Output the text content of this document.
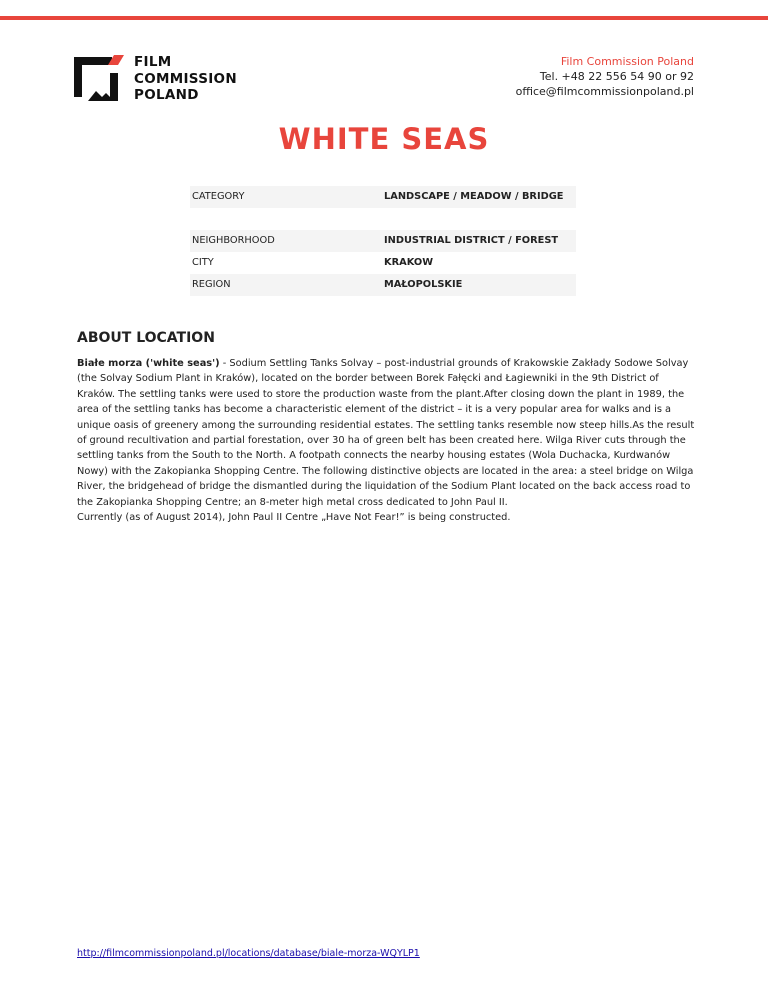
FILM
COMMISSION
POLAND
Film Commission Poland
Tel. +48 22 556 54 90 or 92
office@filmcommissionpoland.pl
WHITE SEAS
CATEGORY	LANDSCAPE / MEADOW / BRIDGE
NEIGHBORHOOD	INDUSTRIAL DISTRICT / FOREST
CITY	KRAKOW
REGION	MAŁOPOLSKIE
ABOUT LOCATION

Białe morza ('white seas') - Sodium Settling Tanks Solvay – post-industrial grounds of Krakowskie Zakłady Sodowe Solvay (the Solvay Sodium Plant in Kraków), located on the border between Borek Fałęcki and Łagiewniki in the 9th District of Kraków. The settling tanks were used to store the production waste from the plant.After closing down the plant in 1989, the area of the settling tanks has become a characteristic element of the district – it is a very popular area for walks and is a unique oasis of greenery among the surrounding residential estates. The settling tanks resemble now steep hills.As the result of ground recultivation and partial forestation, over 30 ha of green belt has been created here. Wilga River cuts through the settling tanks from the South to the North. A footpath connects the nearby housing estates (Wola Duchacka, Kurdwanów Nowy) with the Zakopianka Shopping Centre. The following distinctive objects are located in the area: a steel bridge on Wilga River, the bridgehead of bridge the dismantled during the liquidation of the Sodium Plant located on the back access road to the Zakopianka Shopping Centre; an 8-meter high metal cross dedicated to John Paul II.

Currently (as of August 2014), John Paul II Centre „Have Not Fear!” is being constructed.

http://filmcommissionpoland.pl/locations/database/biale-morza-WQYLP1
